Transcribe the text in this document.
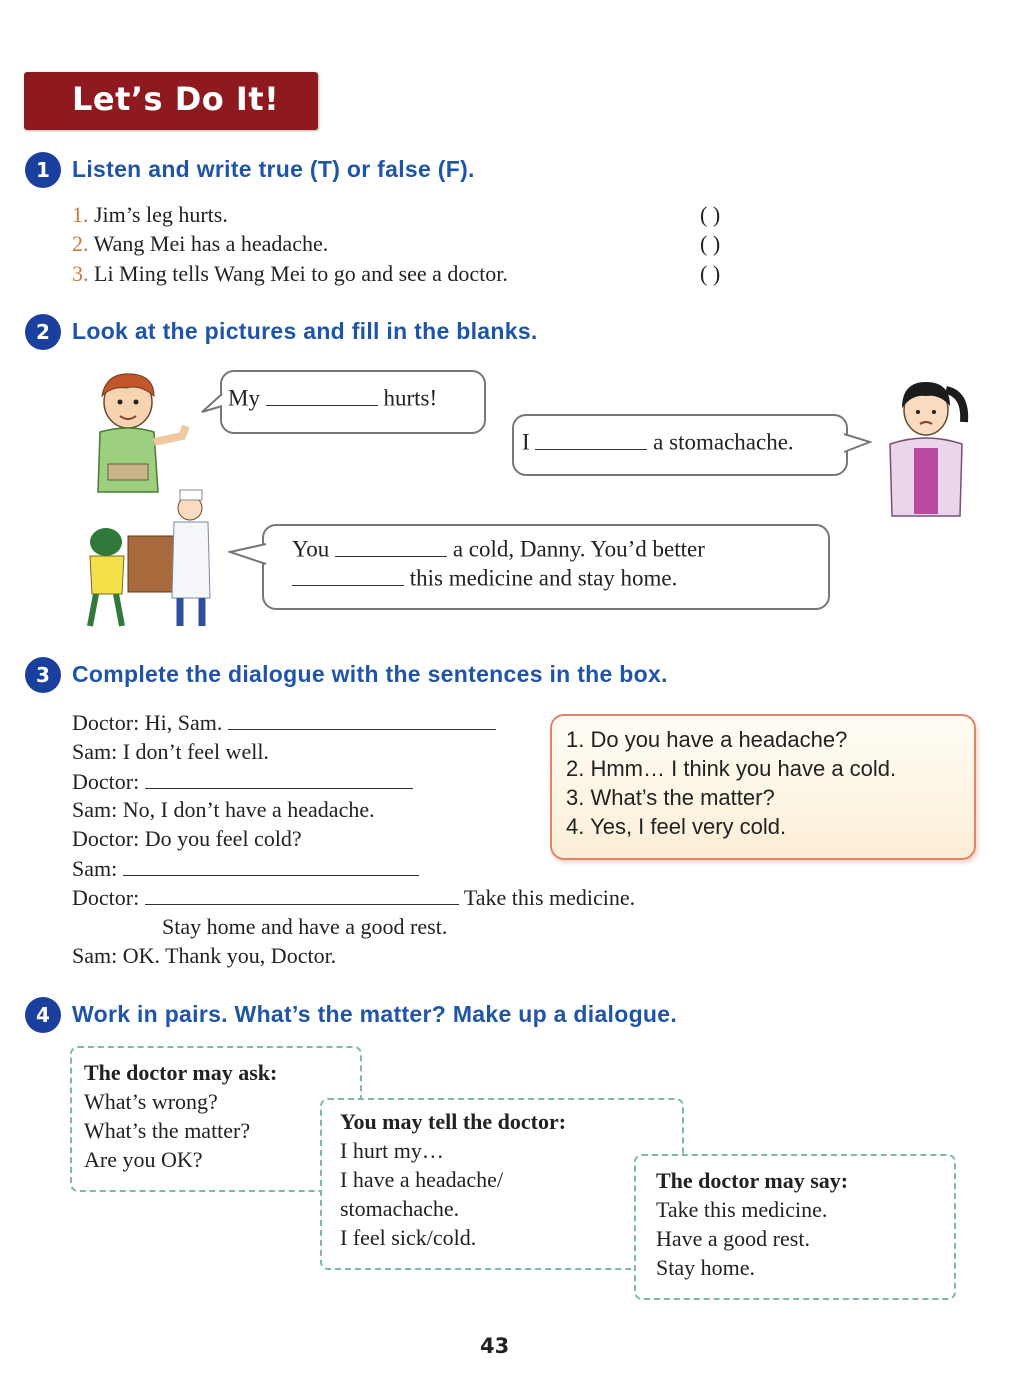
Let’s Do It!
1 Listen and write true (T) or false (F).
1. Jim’s leg hurts.	( )
2. Wang Mei has a headache.	( )
3. Li Ming tells Wang Mei to go and see a doctor.	( )
2 Look at the pictures and fill in the blanks.
My	hurts!
I	a stomachache.
You	a cold, Danny. You’d better
this medicine and stay home.
3 Complete the dialogue with the sentences in the box.
Doctor: Hi, Sam.
Sam: I don’t feel well.
Doctor:
Sam: No, I don’t have a headache.
Doctor: Do you feel cold?
Sam:
Doctor:	Take this medicine.
Stay home and have a good rest.
Sam: OK. Thank you, Doctor.
1. Do you have a headache?
2. Hmm… I think you have a cold.
3. What’s the matter?
4. Yes, I feel very cold.
4 Work in pairs. What’s the matter? Make up a dialogue.
The doctor may ask:
What’s wrong?
What’s the matter?
Are you OK?
You may tell the doctor:
I hurt my…
I have a headache/
stomachache.
I feel sick/cold.
The doctor may say:
Take this medicine.
Have a good rest.
Stay home.
43
